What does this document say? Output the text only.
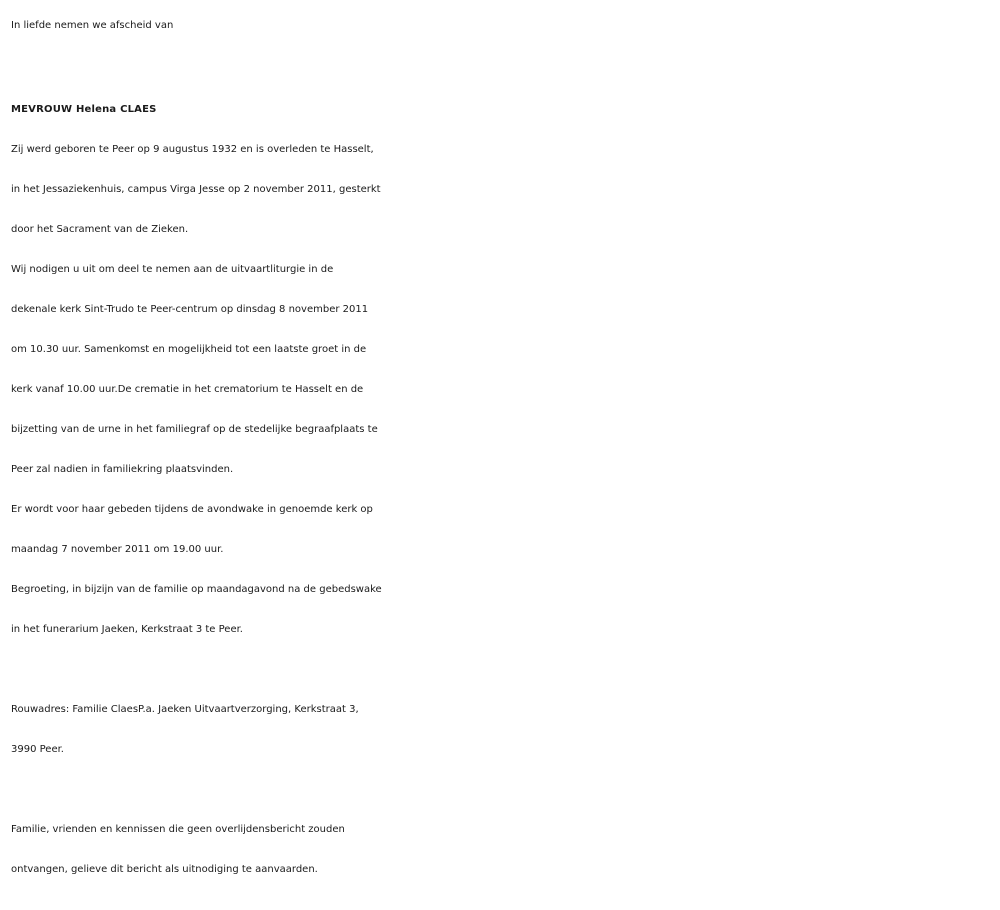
In liefde nemen we afscheid van

MEVROUW Helena CLAES

Zij werd geboren te Peer op 9 augustus 1932 en is overleden te Hasselt,

in het Jessaziekenhuis, campus Virga Jesse op 2 november 2011, gesterkt

door het Sacrament van de Zieken.

Wij nodigen u uit om deel te nemen aan de uitvaartliturgie in de

dekenale kerk Sint-Trudo te Peer-centrum op dinsdag 8 november 2011

om 10.30 uur. Samenkomst en mogelijkheid tot een laatste groet in de

kerk vanaf 10.00 uur.De crematie in het crematorium te Hasselt en de

bijzetting van de urne in het familiegraf op de stedelijke begraafplaats te

Peer zal nadien in familiekring plaatsvinden.

Er wordt voor haar gebeden tijdens de avondwake in genoemde kerk op

maandag 7 november 2011 om 19.00 uur.

Begroeting, in bijzijn van de familie op maandagavond na de gebedswake

in het funerarium Jaeken, Kerkstraat 3 te Peer.

Rouwadres: Familie ClaesP.a. Jaeken Uitvaartverzorging, Kerkstraat 3,

3990 Peer.

Familie, vrienden en kennissen die geen overlijdensbericht zouden

ontvangen, gelieve dit bericht als uitnodiging te aanvaarden.
